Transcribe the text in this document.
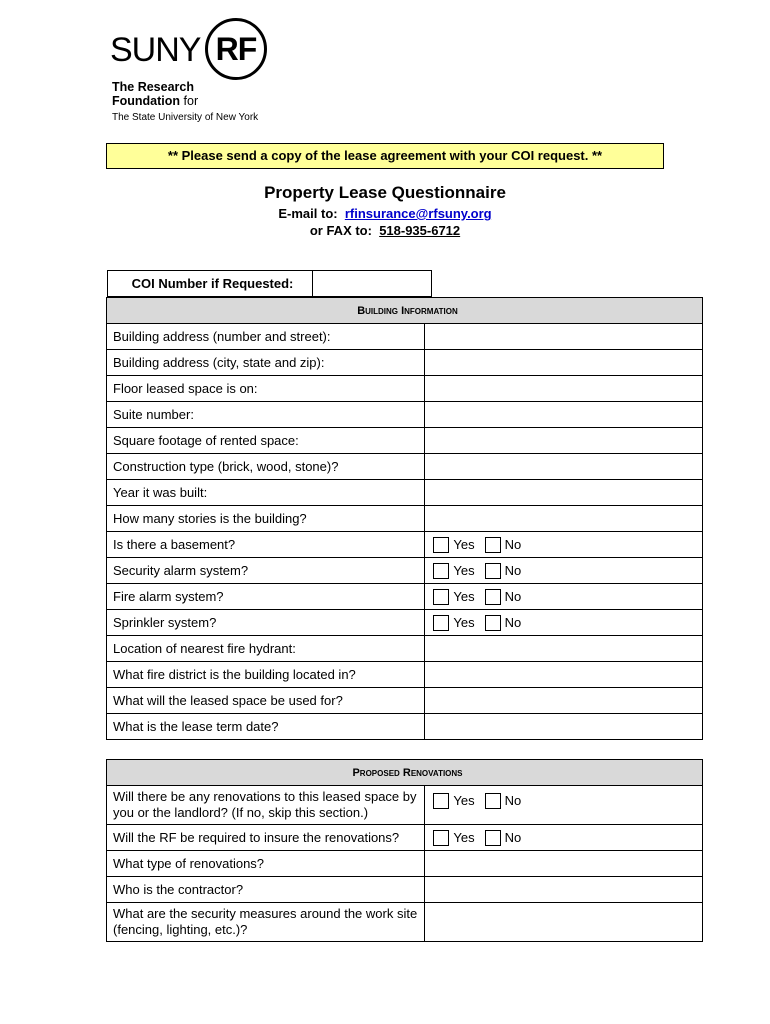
SUNY RF
The Research
Foundation for
The State University of New York
** Please send a copy of the lease agreement with your COI request. **
Property Lease Questionnaire
E-mail to: rfinsurance@rfsuny.org
or FAX to: 518-935-6712
COI Number if Requested:	

Building Information
Building address (number and street):	
Building address (city, state and zip):	
Floor leased space is on:	
Suite number:	
Square footage of rented space:	
Construction type (brick, wood, stone)?	
Year it was built:	
How many stories is the building?	
Is there a basement?	Yes No
Security alarm system?	Yes No
Fire alarm system?	Yes No
Sprinkler system?	Yes No
Location of nearest fire hydrant:	
What fire district is the building located in?	
What will the leased space be used for?	
What is the lease term date?	
Proposed Renovations	
Will there be any renovations to this leased space by you or the landlord? (If no, skip this section.)	Yes No
Will the RF be required to insure the renovations?	Yes No
What type of renovations?	
Who is the contractor?	
What are the security measures around the work site (fencing, lighting, etc.)?	
